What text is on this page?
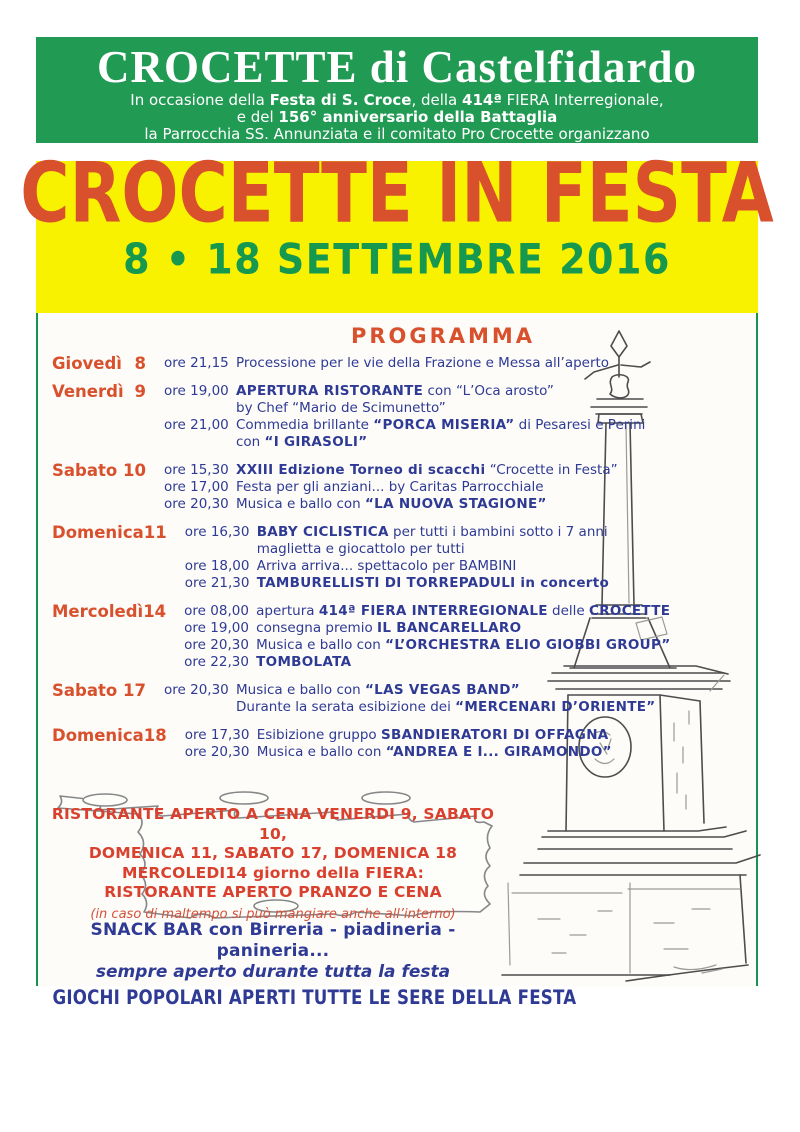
CROCETTE di Castelfidardo
In occasione della Festa di S. Croce, della 414ª FIERA Interregionale,
e del 156° anniversario della Battaglia
la Parrocchia SS. Annunziata e il comitato Pro Crocette organizzano
CROCETTE IN FESTA
8 • 18 SETTEMBRE 2016
PROGRAMMA
Giovedì 8 ore 21,15 Processione per le vie della Frazione e Messa all’aperto
Venerdì 9 ore 19,00 APERTURA RISTORANTE con “L’Oca arosto”
by Chef “Mario de Scimunetto”
ore 21,00 Commedia brillante “PORCA MISERIA” di Pesaresi e Perini
con “I GIRASOLI”
Sabato 10 ore 15,30 XXIII Edizione Torneo di scacchi “Crocette in Festa”
ore 17,00 Festa per gli anziani... by Caritas Parrocchiale
ore 20,30 Musica e ballo con “LA NUOVA STAGIONE”
Domenica 11 ore 16,30 BABY CICLISTICA per tutti i bambini sotto i 7 anni
maglietta e giocattolo per tutti
ore 18,00 Arriva arriva... spettacolo per BAMBINI
ore 21,30 TAMBURELLISTI DI TORREPADULI in concerto
Mercoledì 14 ore 08,00 apertura 414ª FIERA INTERREGIONALE delle CROCETTE
ore 19,00 consegna premio IL BANCARELLARO
ore 20,30 Musica e ballo con “L’ORCHESTRA ELIO GIOBBI GROUP”
ore 22,30 TOMBOLATA
Sabato 17 ore 20,30 Musica e ballo con “LAS VEGAS BAND”
Durante la serata esibizione dei “MERCENARI D’ORIENTE”
Domenica 18 ore 17,30 Esibizione gruppo SBANDIERATORI DI OFFAGNA
ore 20,30 Musica e ballo con “ANDREA E I... GIRAMONDO”
RISTORANTE APERTO A CENA VENERDI 9, SABATO 10,
DOMENICA 11, SABATO 17, DOMENICA 18
MERCOLEDI14 giorno della FIERA:
RISTORANTE APERTO PRANZO E CENA
(in caso di maltempo si può mangiare anche all’interno)
SNACK BAR con Birreria - piadineria - panineria...
sempre aperto durante tutta la festa
GIOCHI POPOLARI APERTI TUTTE LE SERE DELLA FESTA
